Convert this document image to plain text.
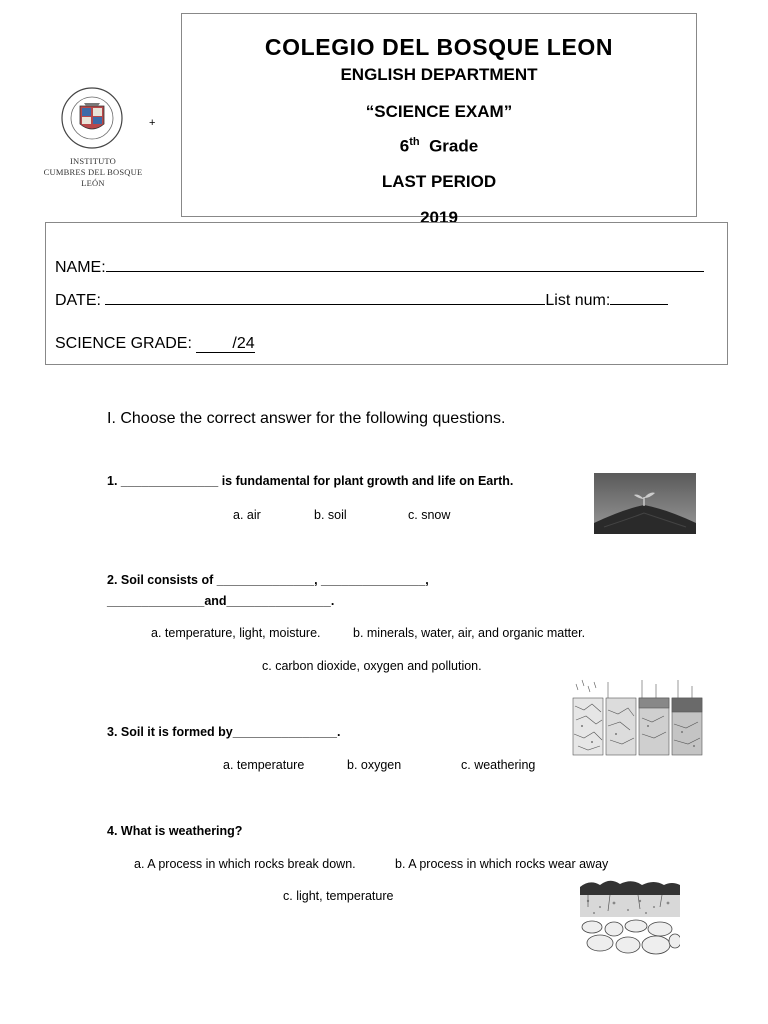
INSTITUTO
CUMBRES DEL BOSQUE
LEÓN
+
COLEGIO DEL BOSQUE LEON
ENGLISH DEPARTMENT
“SCIENCE EXAM”
6th Grade
LAST PERIOD
2019
NAME:
DATE:	List num:
SCIENCE GRADE:	/24
I. Choose the correct answer for the following questions.
1. ______________ is fundamental for plant growth and life on Earth.
a. air	b. soil	c. snow
2. Soil consists of ______________, _______________,
______________and_______________.
a. temperature, light, moisture.	b. minerals, water, air, and organic matter.
c. carbon dioxide, oxygen and pollution.
3. Soil it is formed by_______________.
a. temperature	b. oxygen	c. weathering
4. What is weathering?
a. A process in which rocks break down.	b. A process in which rocks wear away
c. light, temperature
